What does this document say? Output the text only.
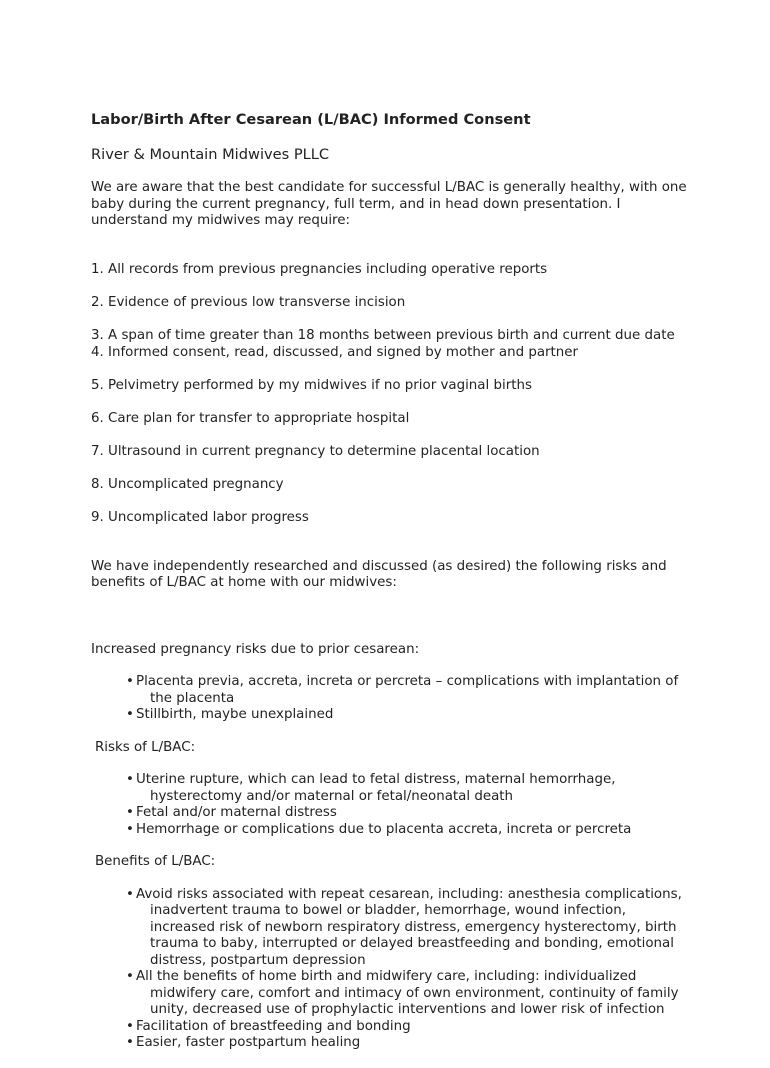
Labor/Birth After Cesarean (L/BAC) Informed Consent
River & Mountain Midwives PLLC
We are aware that the best candidate for successful L/BAC is generally healthy, with one baby during the current pregnancy, full term, and in head down presentation. I understand my midwives may require:

1. All records from previous pregnancies including operative reports

2. Evidence of previous low transverse incision

3. A span of time greater than 18 months between previous birth and current due date 4. Informed consent, read, discussed, and signed by mother and partner

5. Pelvimetry performed by my midwives if no prior vaginal births

6. Care plan for transfer to appropriate hospital

7. Ultrasound in current pregnancy to determine placental location

8. Uncomplicated pregnancy

9. Uncomplicated labor progress

We have independently researched and discussed (as desired) the following risks and benefits of L/BAC at home with our midwives:
Increased pregnancy risks due to prior cesarean:
• Placenta previa, accreta, increta or percreta – complications with implantation of the placenta
• Stillbirth, maybe unexplained
Risks of L/BAC:
• Uterine rupture, which can lead to fetal distress, maternal hemorrhage, hysterectomy and/or maternal or fetal/neonatal death
• Fetal and/or maternal distress
• Hemorrhage or complications due to placenta accreta, increta or percreta
Benefits of L/BAC:
• Avoid risks associated with repeat cesarean, including: anesthesia complications, inadvertent trauma to bowel or bladder, hemorrhage, wound infection, increased risk of newborn respiratory distress, emergency hysterectomy, birth trauma to baby, interrupted or delayed breastfeeding and bonding, emotional distress, postpartum depression
• All the benefits of home birth and midwifery care, including: individualized midwifery care, comfort and intimacy of own environment, continuity of family unity, decreased use of prophylactic interventions and lower risk of infection
• Facilitation of breastfeeding and bonding
• Easier, faster postpartum healing
